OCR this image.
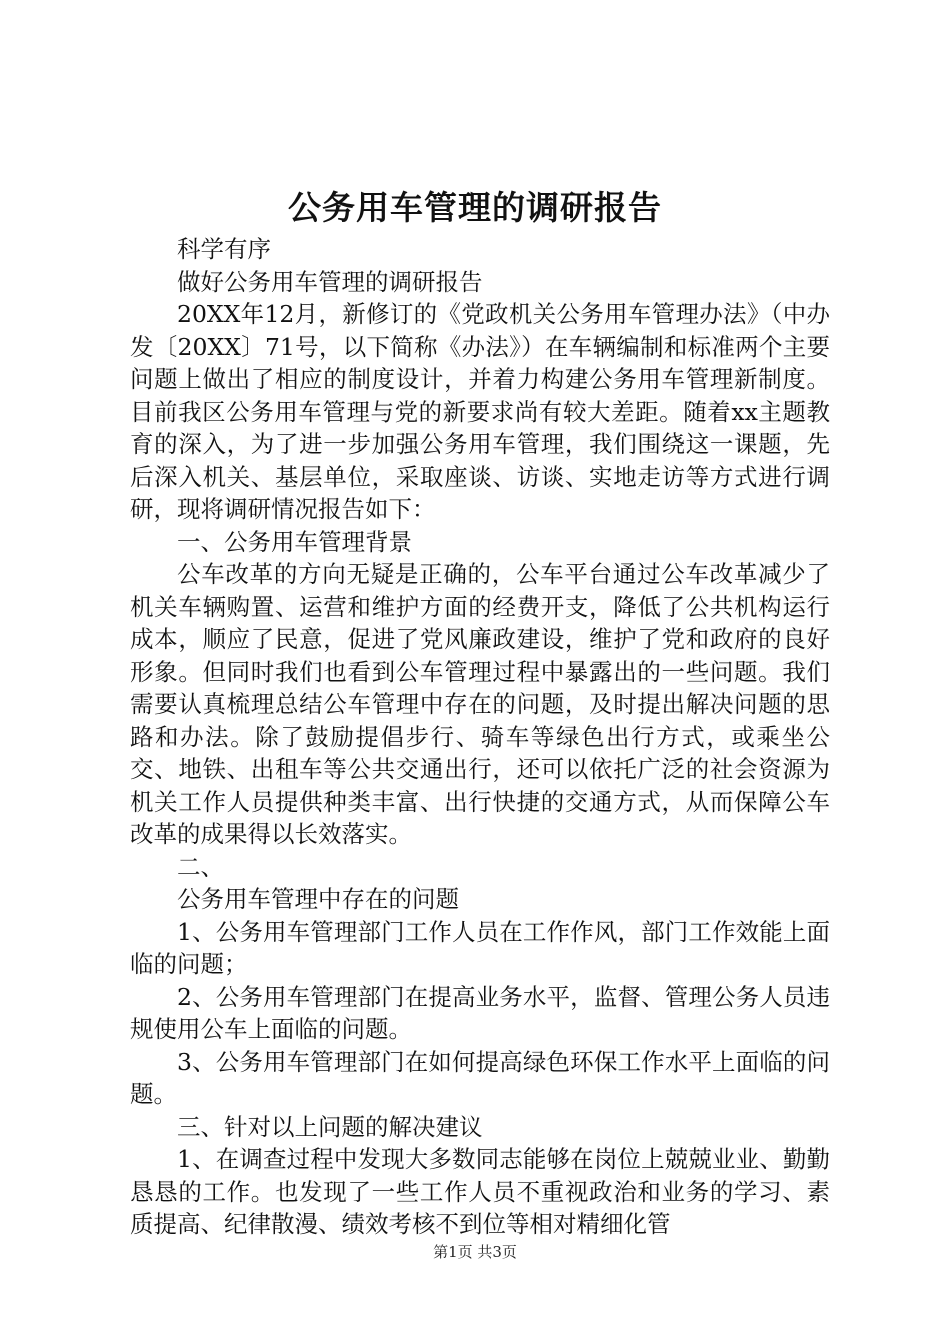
公务用车管理的调研报告

科学有序

做好公务用车管理的调研报告

20XX年12月，新修订的《党政机关公务用车管理办法》（中办发〔20XX〕71号，以下简称《办法》）在车辆编制和标准两个主要问题上做出了相应的制度设计，并着力构建公务用车管理新制度。目前我区公务用车管理与党的新要求尚有较大差距。随着xx主题教育的深入，为了进一步加强公务用车管理，我们围绕这一课题，先后深入机关、基层单位，采取座谈、访谈、实地走访等方式进行调研，现将调研情况报告如下：

一、公务用车管理背景

公车改革的方向无疑是正确的，公车平台通过公车改革减少了机关车辆购置、运营和维护方面的经费开支，降低了公共机构运行成本，顺应了民意，促进了党风廉政建设，维护了党和政府的良好形象。但同时我们也看到公车管理过程中暴露出的一些问题。我们需要认真梳理总结公车管理中存在的问题，及时提出解决问题的思路和办法。除了鼓励提倡步行、骑车等绿色出行方式，或乘坐公交、地铁、出租车等公共交通出行，还可以依托广泛的社会资源为机关工作人员提供种类丰富、出行快捷的交通方式，从而保障公车改革的成果得以长效落实。

二、

公务用车管理中存在的问题

1、公务用车管理部门工作人员在工作作风，部门工作效能上面临的问题；

2、公务用车管理部门在提高业务水平，监督、管理公务人员违规使用公车上面临的问题。

3、公务用车管理部门在如何提高绿色环保工作水平上面临的问题。

三、针对以上问题的解决建议

1、在调查过程中发现大多数同志能够在岗位上兢兢业业、勤勤恳恳的工作。也发现了一些工作人员不重视政治和业务的学习、素质提高、纪律散漫、绩效考核不到位等相对精细化管

第1页 共3页
